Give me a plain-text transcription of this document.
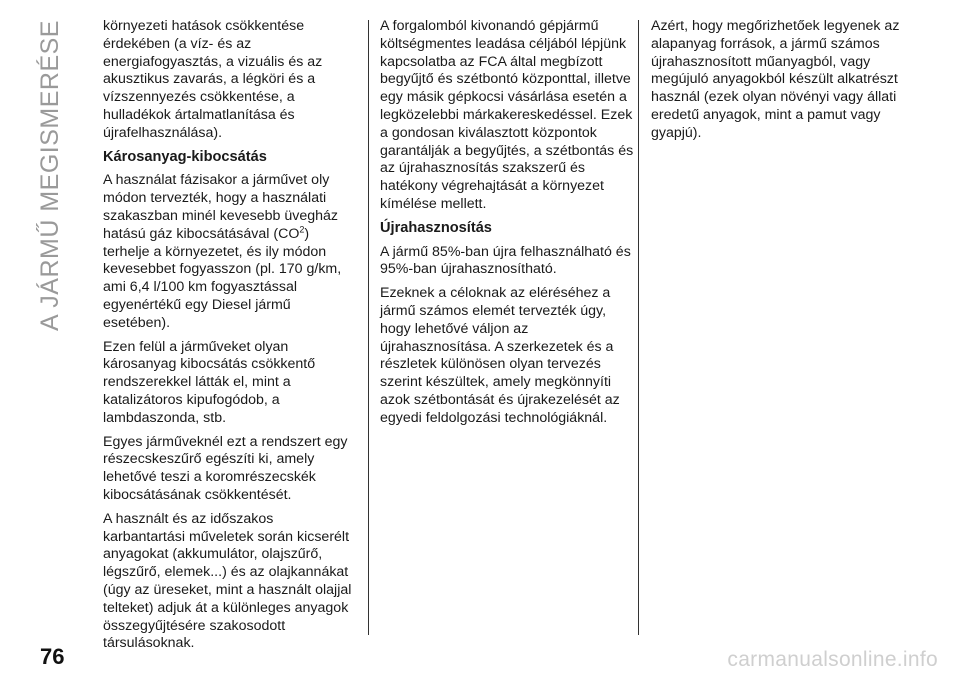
A JÁRMŰ MEGISMERÉSE	környezeti hatások csökkentése érdekében (a víz- és az energiafogyasztás, a vizuális és az akusztikus zavarás, a légköri és a vízszennyezés csökkentése, a hulladékok ártalmatlanítása és újrafelhasználása).

Károsanyag-kibocsátás

A használat fázisakor a járművet oly módon tervezték, hogy a használati szakaszban minél kevesebb üvegház hatású gáz kibocsátásával $(CO^2)$ terhelje a környezetet, és ily módon kevesebbet fogyasszon (pl. 170 g/km, ami 6,4 l/100 km fogyasztással egyenértékű egy Diesel jármű esetében).

Ezen felül a járműveket olyan károsanyag kibocsátás csökkentő rendszerekkel látták el, mint a katalizátoros kipufogódob, a lambdaszonda, stb.

Egyes járműveknél ezt a rendszert egy részecskeszűrő egészíti ki, amely lehetővé teszi a koromrészecskék kibocsátásának csökkentését.

A használt és az időszakos karbantartási műveletek során kicserélt anyagokat (akkumulátor, olajszűrő, légszűrő, elemek...) és az olajkannákat (úgy az üreseket, mint a használt olajjal telteket) adjuk át a különleges anyagok összegyűjtésére szakosodott társulásoknak.

A forgalomból kivonandó gépjármű költségmentes leadása céljából lépjünk kapcsolatba az FCA által megbízott begyűjtő és szétbontó központtal, illetve egy másik gépkocsi vásárlása esetén a legközelebbi márkakereskedéssel. Ezek a gondosan kiválasztott központok garantálják a begyűjtés, a szétbontás és az újrahasznosítás szakszerű és hatékony végrehajtását a környezet kímélése mellett.

Újrahasznosítás

A jármű 85%-ban újra felhasználható és 95%-ban újrahasznosítható.

Ezeknek a céloknak az eléréséhez a jármű számos elemét tervezték úgy, hogy lehetővé váljon az újrahasznosítása. A szerkezetek és a részletek különösen olyan tervezés szerint készültek, amely megkönnyíti azok szétbontását és újrakezelését az egyedi feldolgozási technológiáknál.

Azért, hogy megőrizhetőek legyenek az alapanyag források, a jármű számos újrahasznosított műanyagból, vagy megújuló anyagokból készült alkatrészt használ (ezek olyan növényi vagy állati eredetű anyagok, mint a pamut vagy gyapjú).

76	carmanualsonline.info
